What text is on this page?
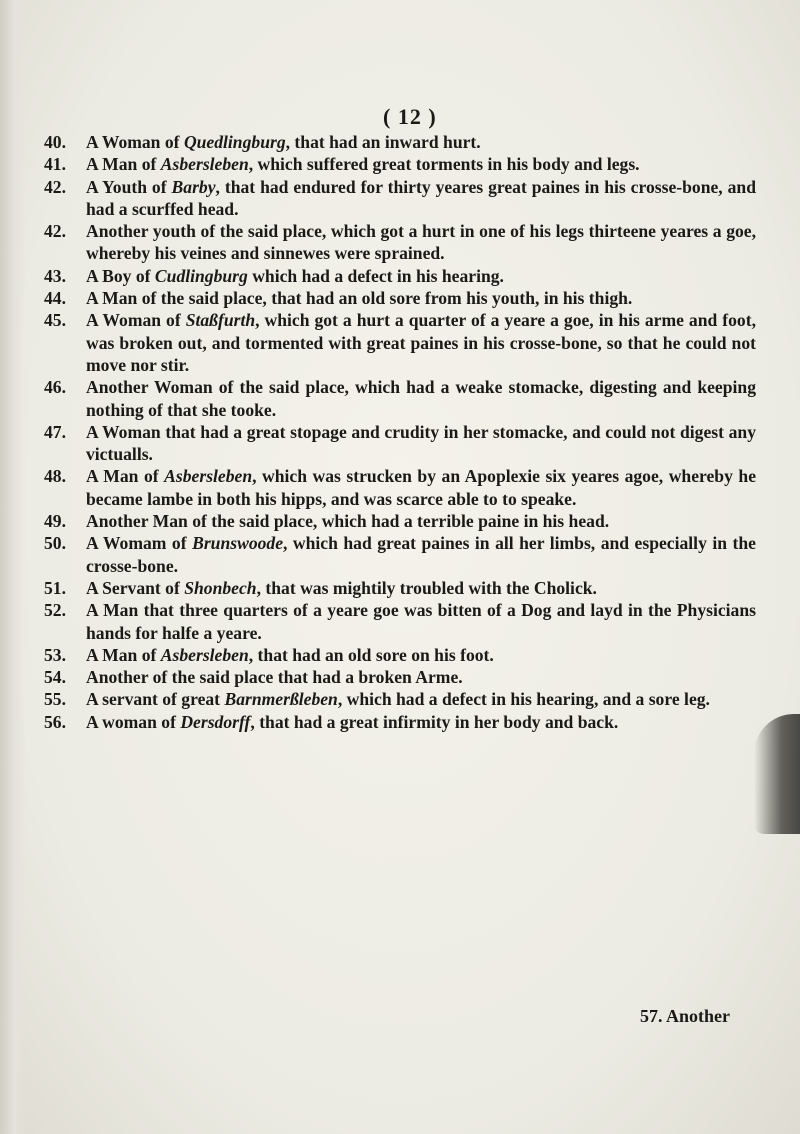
( 12 )
40. A Woman of Quedlingburg, that had an inward hurt.
41. A Man of Asbersleben, which suffered great torments in his body and legs.
42. A Youth of Barby, that had endured for thirty yeares great paines in his crosse-bone, and had a scurffed head.
42. Another youth of the said place, which got a hurt in one of his legs thirteene yeares a goe, whereby his veines and sinnewes were sprained.
43. A Boy of Cudlingburg which had a defect in his hearing.
44. A Man of the said place, that had an old sore from his youth, in his thigh.
45. A Woman of Staßfurth, which got a hurt a quarter of a yeare a goe, in his arme and foot, was broken out, and tormented with great paines in his crosse-bone, so that he could not move nor stir.
46. Another Woman of the said place, which had a weake stomacke, digesting and keeping nothing of that she tooke.
47. A Woman that had a great stopage and crudity in her stomacke, and could not digest any victualls.
48. A Man of Asbersleben, which was strucken by an Apoplexie six yeares agoe, whereby he became lambe in both his hipps, and was scarce able to to speake.
49. Another Man of the said place, which had a terrible paine in his head.
50. A Womam of Brunswoode, which had great paines in all her limbs, and especially in the crosse-bone.
51. A Servant of Shonbech, that was mightily troubled with the Cholick.
52. A Man that three quarters of a yeare goe was bitten of a Dog and layd in the Physicians hands for halfe a yeare.
53. A Man of Asbersleben, that had an old sore on his foot.
54. Another of the said place that had a broken Arme.
55. A servant of great Barnmerßleben, which had a defect in his hearing, and a sore leg.
56. A woman of Dersdorff, that had a great infirmity in her body and back.
57. Another
